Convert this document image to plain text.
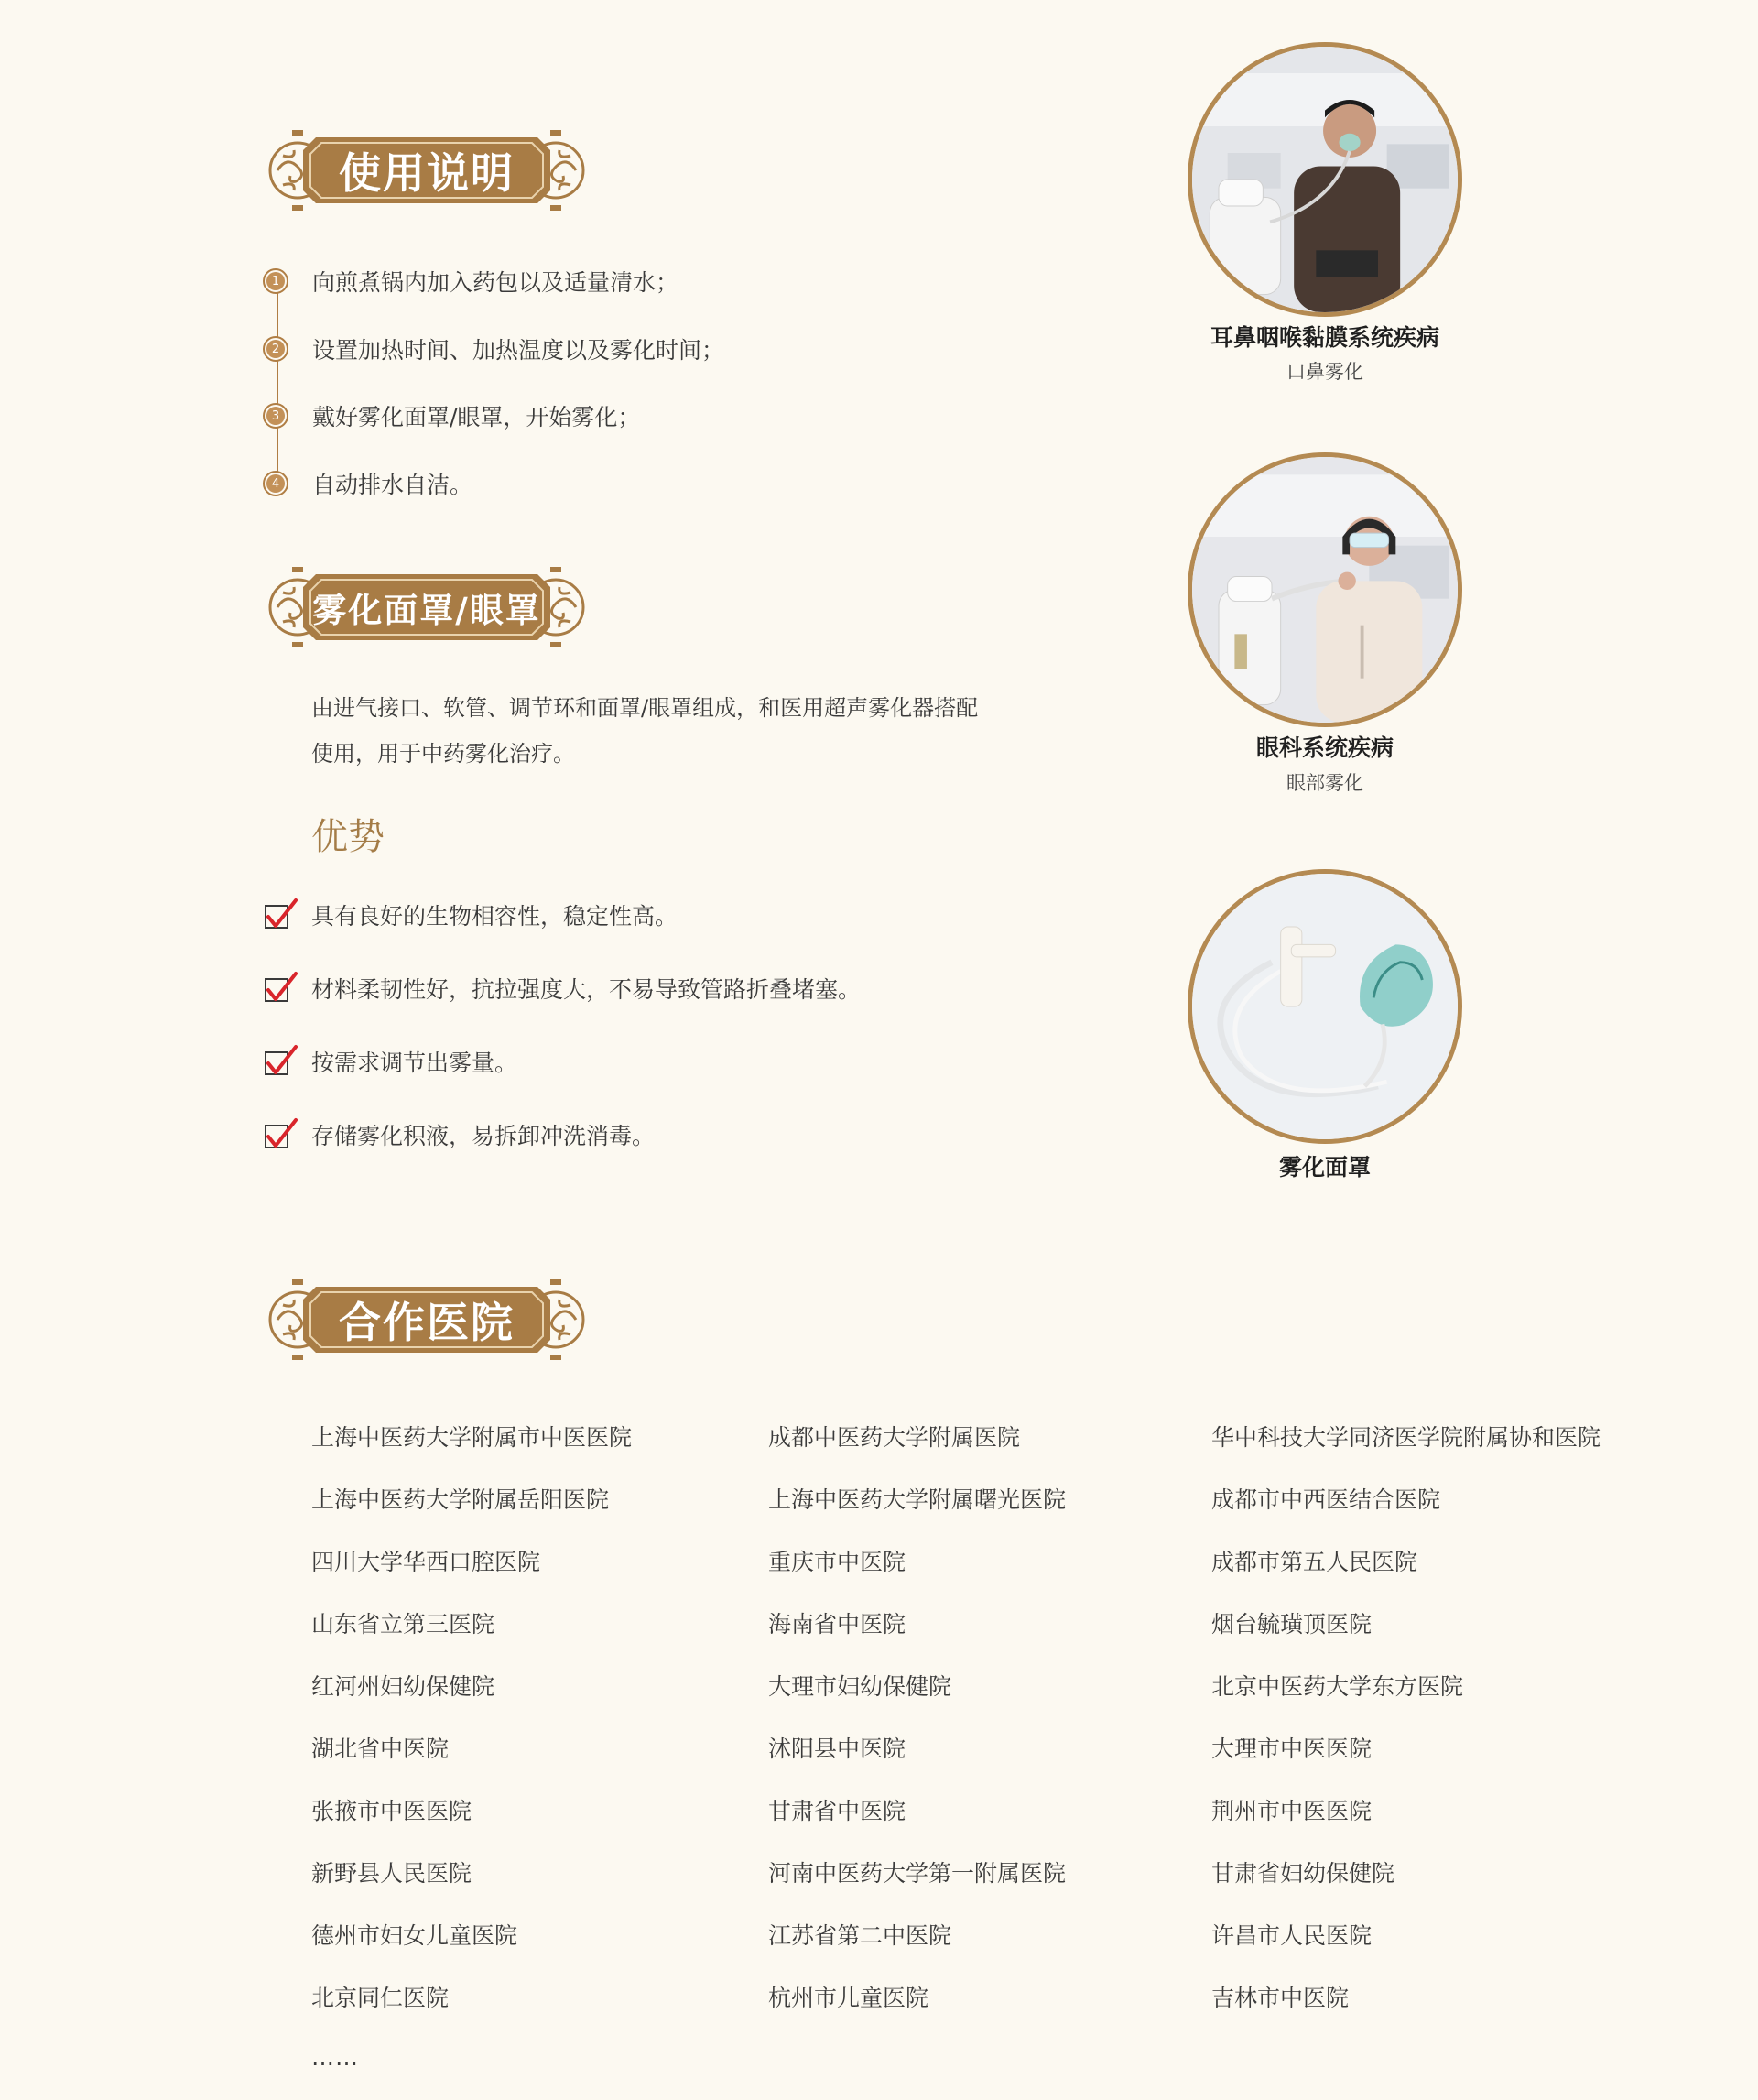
使用说明
1 向煎煮锅内加入药包以及适量清水；
2 设置加热时间、加热温度以及雾化时间；
3 戴好雾化面罩/眼罩，开始雾化；
4 自动排水自洁。
雾化面罩/眼罩
由进气接口、软管、调节环和面罩/眼罩组成，和医用超声雾化器搭配
使用，用于中药雾化治疗。
优势
具有良好的生物相容性，稳定性高。
材料柔韧性好，抗拉强度大，不易导致管路折叠堵塞。
按需求调节出雾量。
存储雾化积液，易拆卸冲洗消毒。
耳鼻咽喉黏膜系统疾病
口鼻雾化
眼科系统疾病
眼部雾化
雾化面罩
合作医院
上海中医药大学附属市中医医院
上海中医药大学附属岳阳医院
四川大学华西口腔医院
山东省立第三医院
红河州妇幼保健院
湖北省中医院
张掖市中医医院
新野县人民医院
德州市妇女儿童医院
北京同仁医院
成都中医药大学附属医院
上海中医药大学附属曙光医院
重庆市中医院
海南省中医院
大理市妇幼保健院
沭阳县中医院
甘肃省中医院
河南中医药大学第一附属医院
江苏省第二中医院
杭州市儿童医院
华中科技大学同济医学院附属协和医院
成都市中西医结合医院
成都市第五人民医院
烟台毓璜顶医院
北京中医药大学东方医院
大理市中医医院
荆州市中医医院
甘肃省妇幼保健院
许昌市人民医院
吉林市中医院
……
